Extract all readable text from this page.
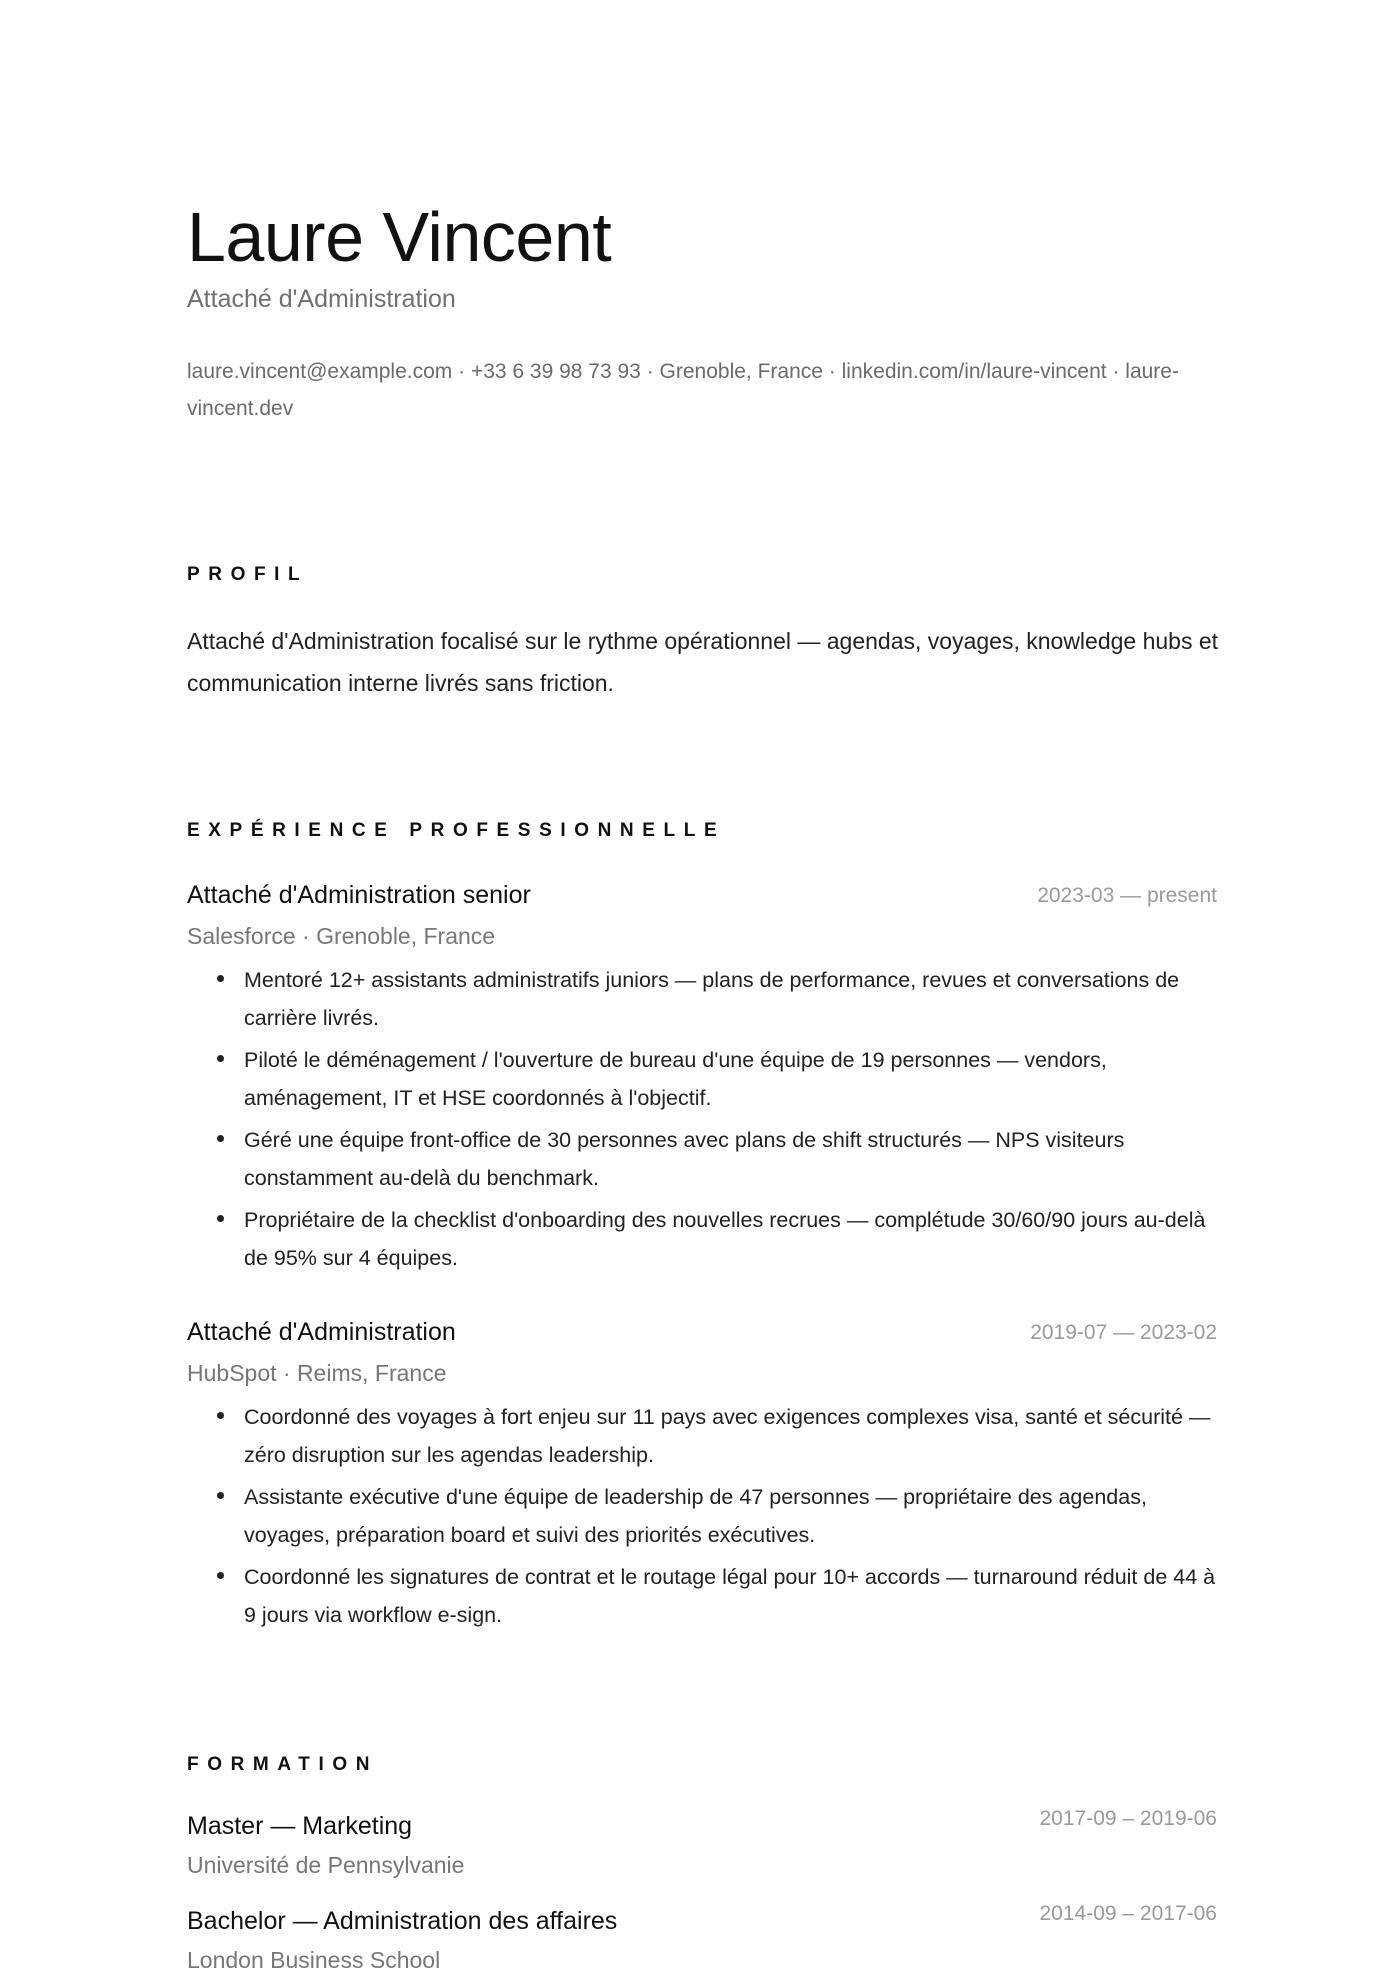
Laure Vincent
Attaché d'Administration
laure.vincent@example.com · +33 6 39 98 73 93 · Grenoble, France · linkedin.com/in/laure-vincent · laure-vincent.dev
PROFIL
Attaché d'Administration focalisé sur le rythme opérationnel — agendas, voyages, knowledge hubs et communication interne livrés sans friction.
EXPÉRIENCE PROFESSIONNELLE
Attaché d'Administration senior	2023-03 — present
Salesforce · Grenoble, France
Mentoré 12+ assistants administratifs juniors — plans de performance, revues et conversations de carrière livrés.
Piloté le déménagement / l'ouverture de bureau d'une équipe de 19 personnes — vendors, aménagement, IT et HSE coordonnés à l'objectif.
Géré une équipe front-office de 30 personnes avec plans de shift structurés — NPS visiteurs constamment au-delà du benchmark.
Propriétaire de la checklist d'onboarding des nouvelles recrues — complétude 30/60/90 jours au-delà de 95% sur 4 équipes.
Attaché d'Administration	2019-07 — 2023-02
HubSpot · Reims, France
Coordonné des voyages à fort enjeu sur 11 pays avec exigences complexes visa, santé et sécurité — zéro disruption sur les agendas leadership.
Assistante exécutive d'une équipe de leadership de 47 personnes — propriétaire des agendas, voyages, préparation board et suivi des priorités exécutives.
Coordonné les signatures de contrat et le routage légal pour 10+ accords — turnaround réduit de 44 à 9 jours via workflow e-sign.
FORMATION
Master — Marketing	2017-09 – 2019-06
Université de Pennsylvanie
Bachelor — Administration des affaires	2014-09 – 2017-06
London Business School
